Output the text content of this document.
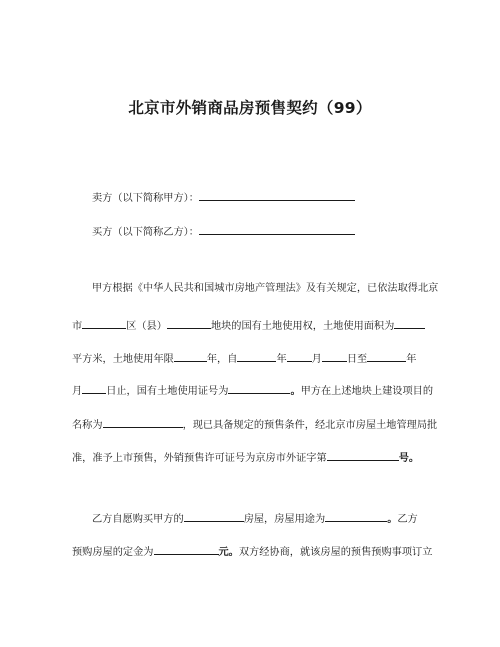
北京市外销商品房预售契约（99）
卖方（以下简称甲方）：
买方（以下简称乙方）：
甲方根据《中华人民共和国城市房地产管理法》及有关规定，已依法取得北京
市	区（县）	地块的国有土地使用权，土地使用面积为
平方米，土地使用年限	年，自	年 月 日至	年
月 日止，国有土地使用证号为	。甲方在上述地块上建设项目的
名称为	，现已具备规定的预售条件，经北京市房屋土地管理局批
准，准予上市预售，外销预售许可证号为京房市外证字第	号。
乙方自愿购买甲方的	房屋，房屋用途为	。乙方
预购房屋的定金为	元。双方经协商，就该房屋的预售预购事项订立
